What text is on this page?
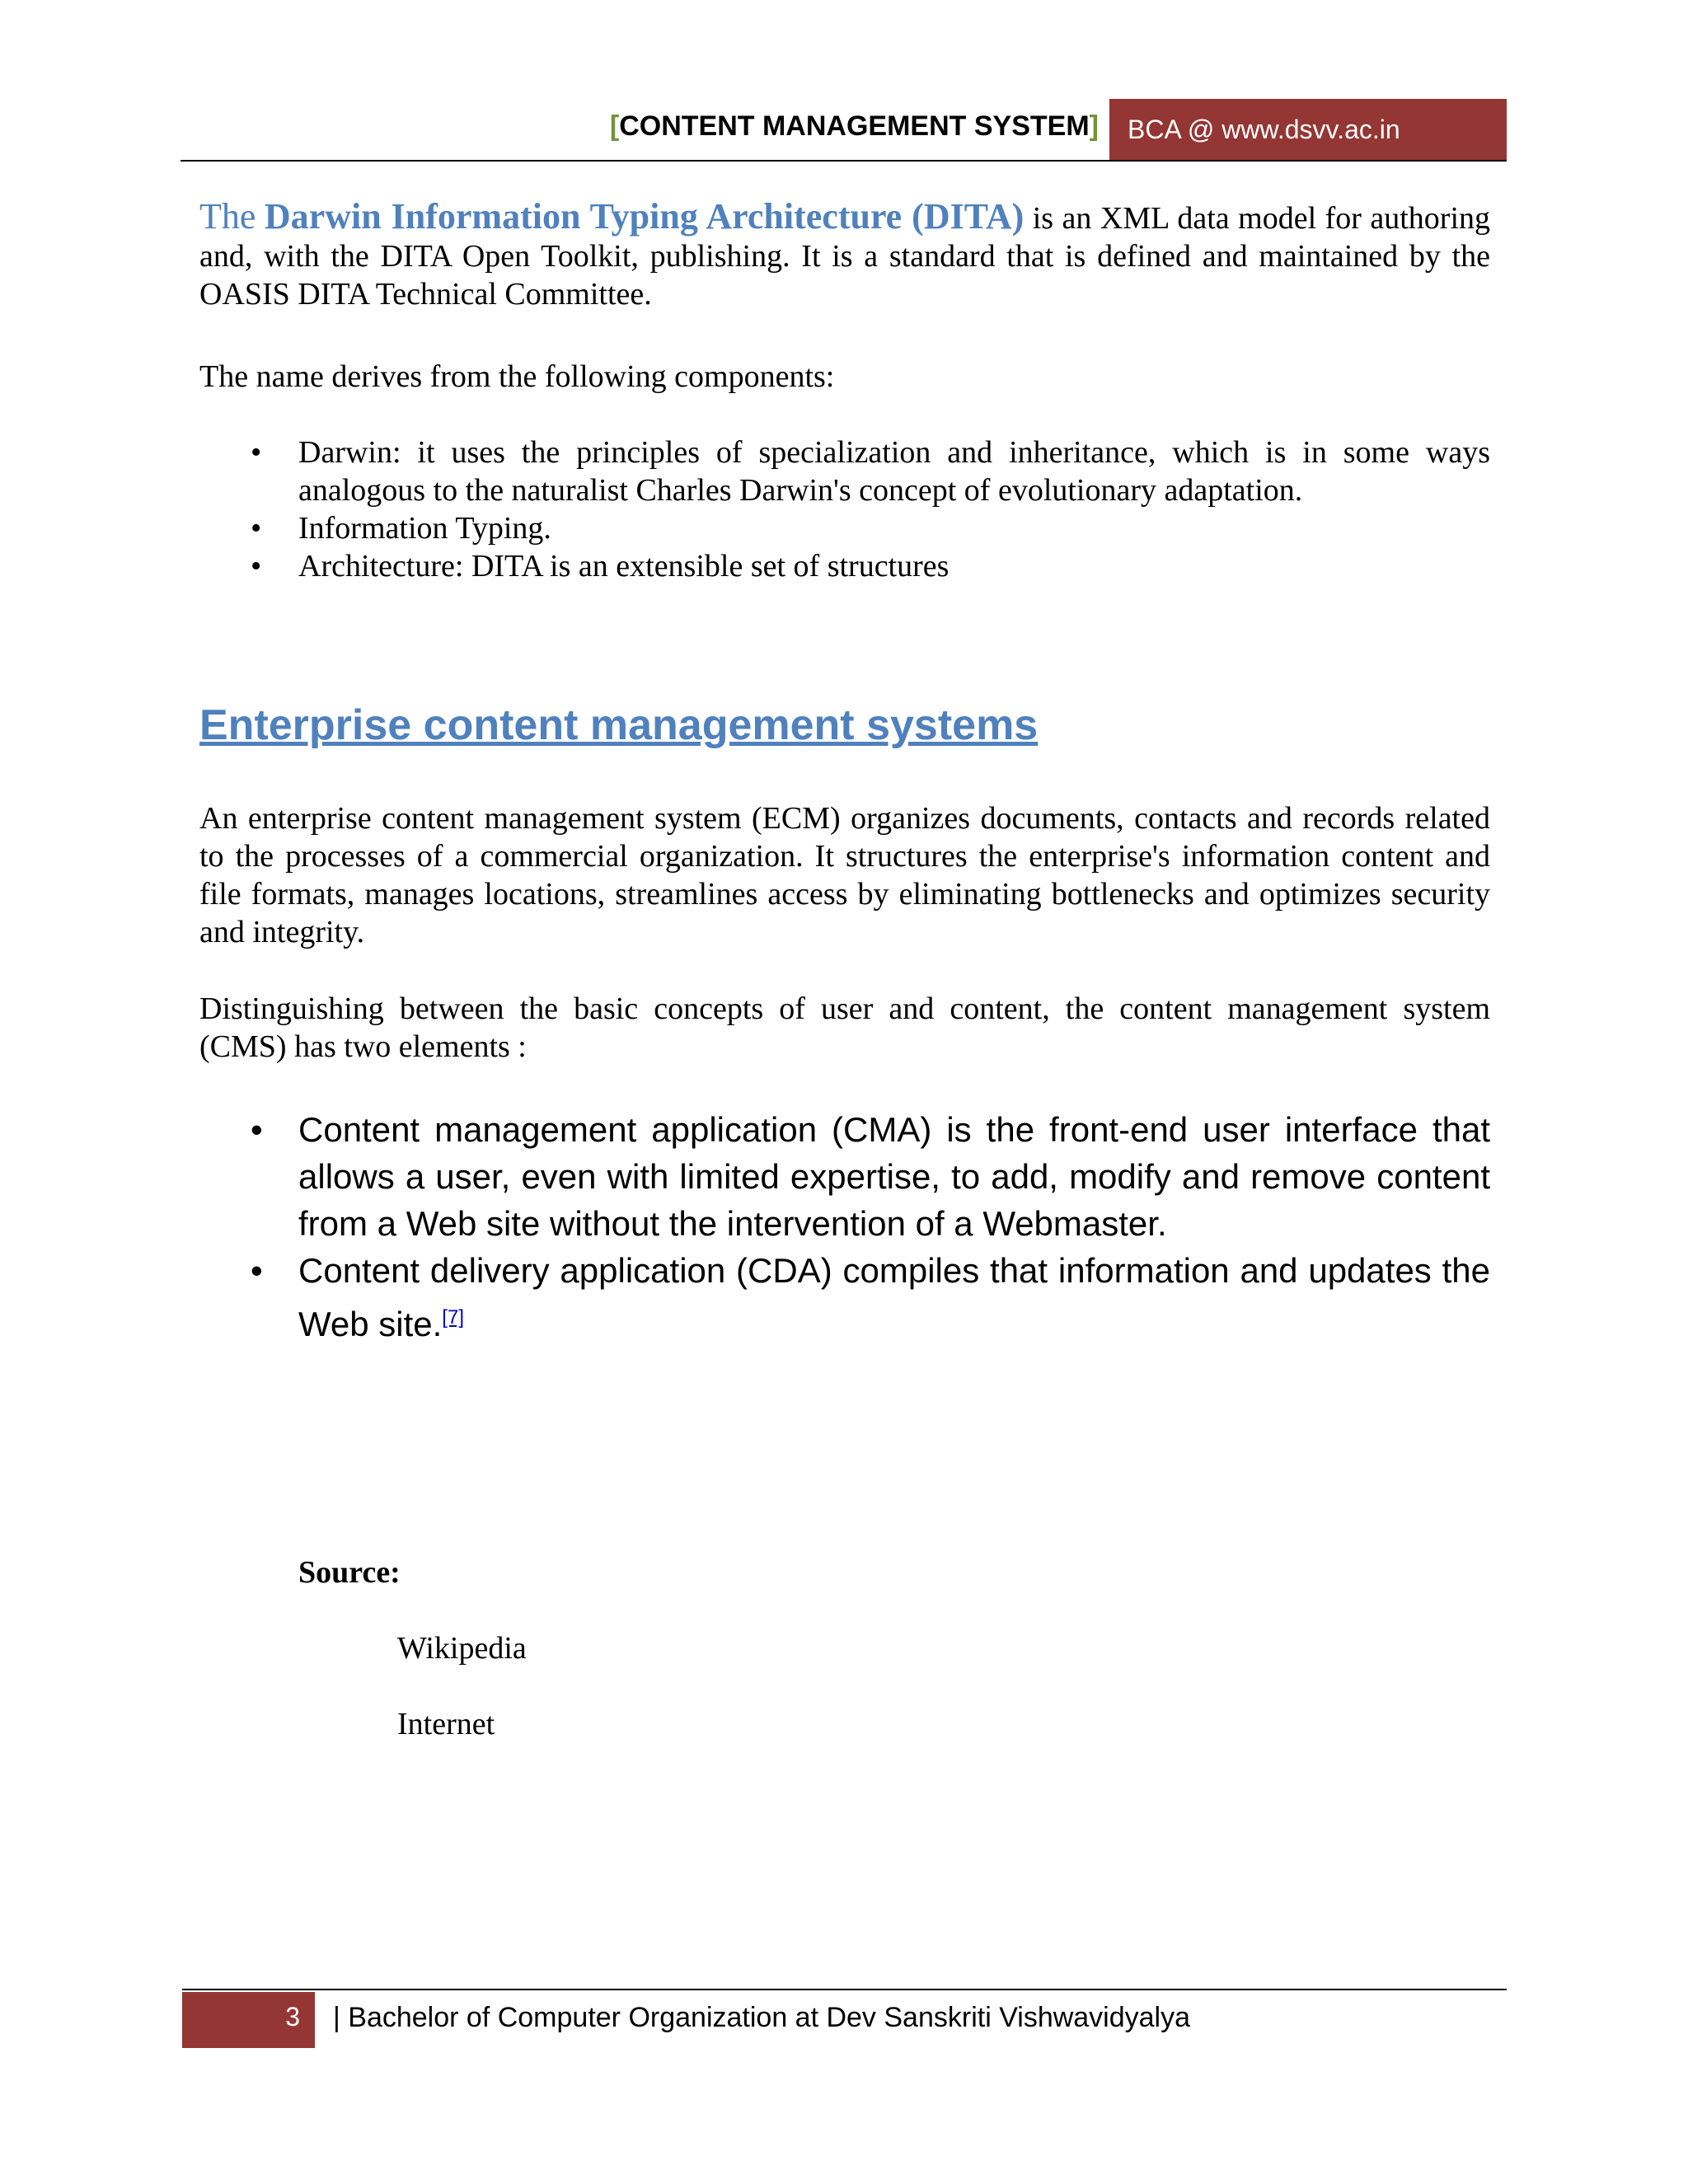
[CONTENT MANAGEMENT SYSTEM]	BCA @ www.dsvv.ac.in

The Darwin Information Typing Architecture (DITA) is an XML data model for authoring and, with the DITA Open Toolkit, publishing. It is a standard that is defined and maintained by the OASIS DITA Technical Committee.

The name derives from the following components:

• Darwin: it uses the principles of specialization and inheritance, which is in some ways analogous to the naturalist Charles Darwin's concept of evolutionary adaptation.
• Information Typing.
• Architecture: DITA is an extensible set of structures
Enterprise content management systems

An enterprise content management system (ECM) organizes documents, contacts and records related to the processes of a commercial organization. It structures the enterprise's information content and file formats, manages locations, streamlines access by eliminating bottlenecks and optimizes security and integrity.

Distinguishing between the basic concepts of user and content, the content management system (CMS) has two elements :

• Content management application (CMA) is the front-end user interface that allows a user, even with limited expertise, to add, modify and remove content from a Web site without the intervention of a Webmaster.
• Content delivery application (CDA) compiles that information and updates the Web site.[7]
Source:
Wikipedia
Internet
3 | Bachelor of Computer Organization at Dev Sanskriti Vishwavidyalya
